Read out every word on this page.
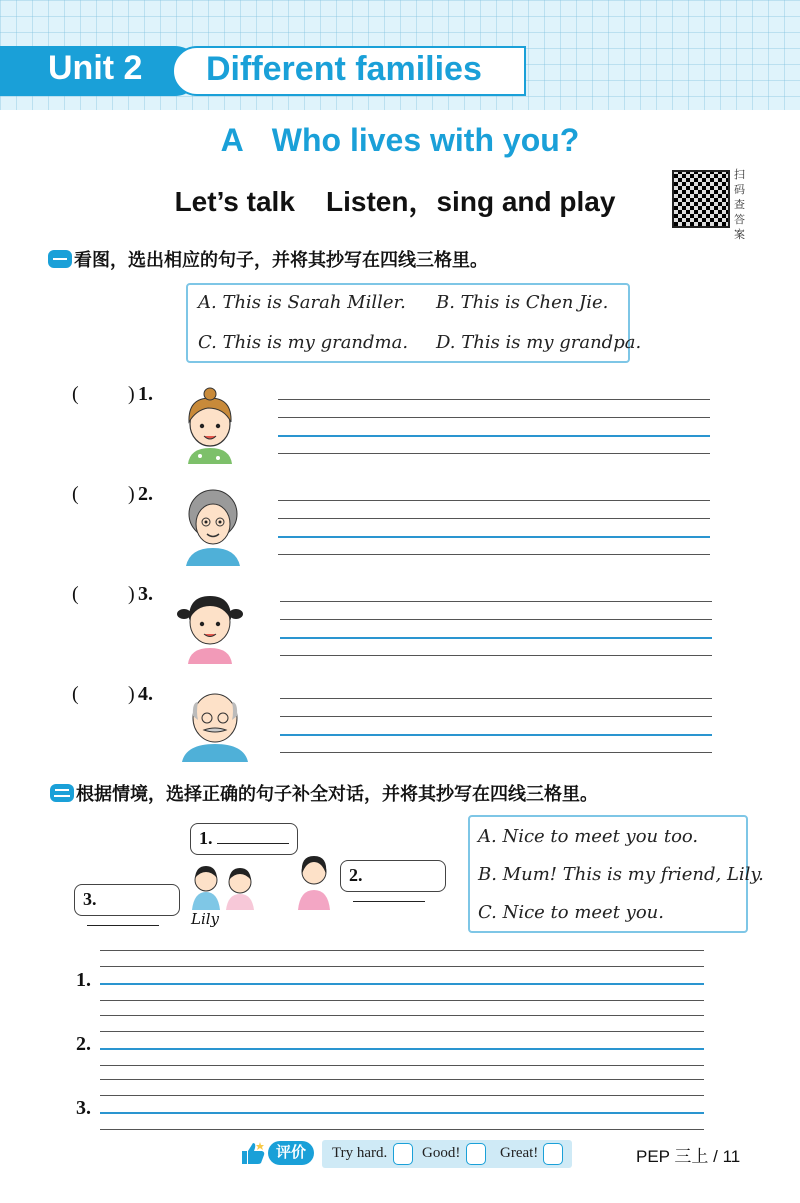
Unit 2 Different families
A Who lives with you?
Let’s talk Listen，sing and play
扫码查答案
看图，选出相应的句子，并将其抄写在四线三格里。
A. This is Sarah Miller. B. This is Chen Jie.
C. This is my grandma. D. This is my grandpa.
( ) 1.
( ) 2.
( ) 3.
( ) 4.
根据情境，选择正确的句子补全对话，并将其抄写在四线三格里。
1.
2.
3.
Lily
A. Nice to meet you too.
B. Mum! This is my friend, Lily.
C. Nice to meet you.
1.
2.
3.
评价	Try hard. Good!	Great!	PEP 三上 / 11
